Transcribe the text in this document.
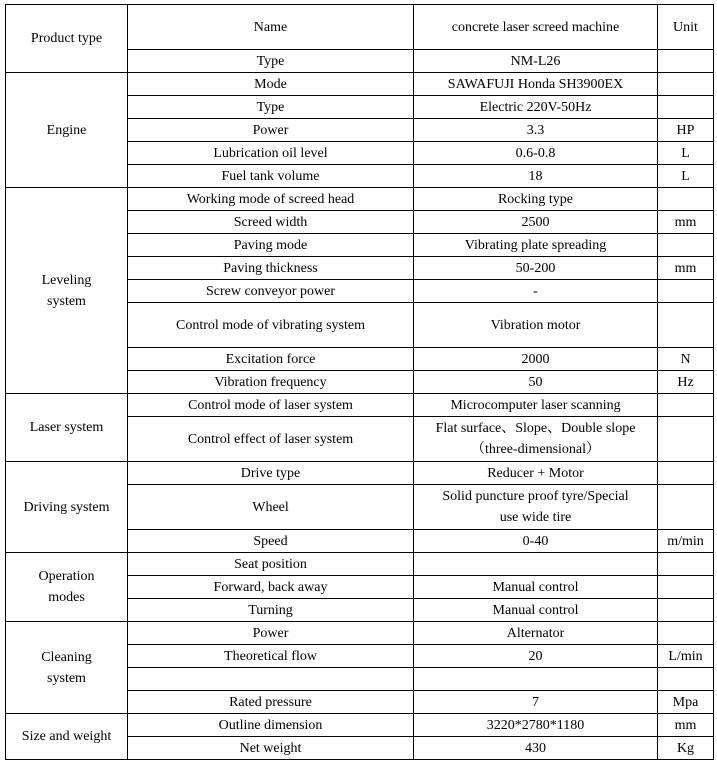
Product type	Name	concrete laser screed machine	Unit
	Type	NM-L26	
Engine	Mode	SAWAFUJI Honda SH3900EX	
	Type	Electric 220V-50Hz	
	Power	3.3	HP
	Lubrication oil level	0.6-0.8	L
	Fuel tank volume	18	L
Leveling
system	Working mode of screed head	Rocking type	
	Screed width	2500	mm
	Paving mode	Vibrating plate spreading	
	Paving thickness	50-200	mm
	Screw conveyor power	-	
	Control mode of vibrating system	Vibration motor	
	Excitation force	2000	N
	Vibration frequency	50	Hz
Laser system	Control mode of laser system	Microcomputer laser scanning	
	Control effect of laser system	Flat surface、Slope、Double slope
（three-dimensional）	
Driving system	Drive type	Reducer + Motor	
	Wheel	Solid puncture proof tyre/Special
use wide tire	
	Speed	0-40	m/min
Operation
modes	Seat position		
	Forward, back away	Manual control	
	Turning	Manual control	
Cleaning
system	Power	Alternator	
	Theoretical flow	20	L/min

	Rated pressure	7	Mpa
Size and weight	Outline dimension	3220*2780*1180	mm
	Net weight	430	Kg
